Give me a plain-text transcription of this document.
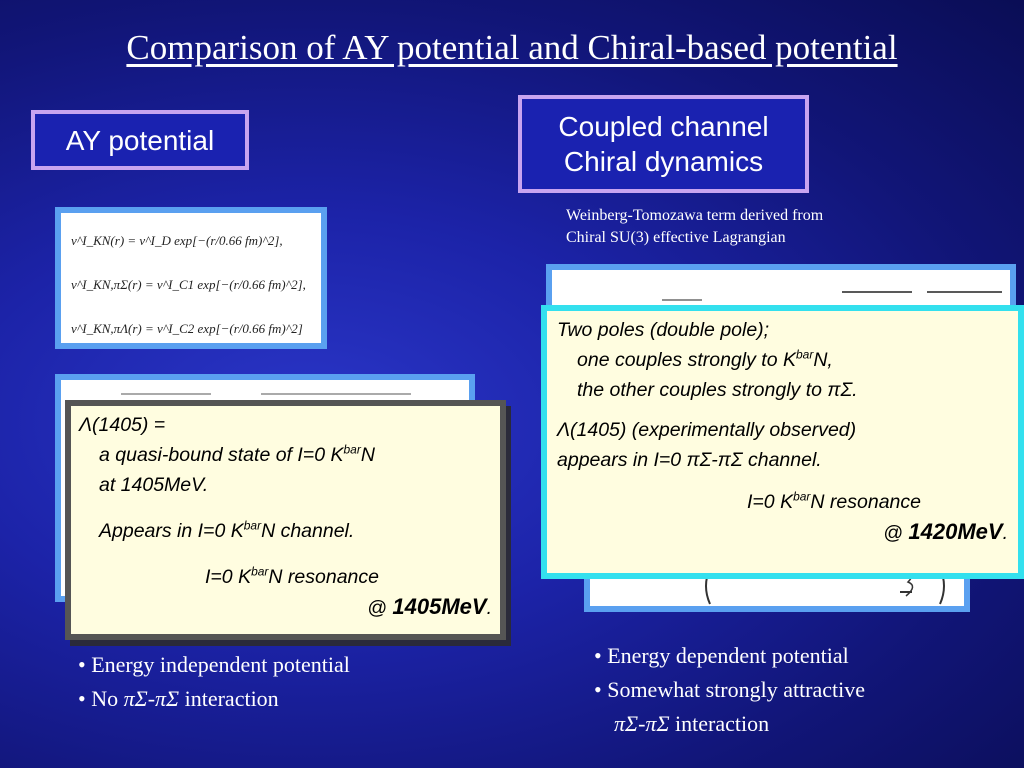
Comparison of AY potential and Chiral-based potential
AY potential	Coupled channel
Chiral dynamics
Weinberg-Tomozawa term derived from
Chiral SU(3) effective Lagrangian
v^I_KN(r) = v^I_D exp[−(r/0.66 fm)^2],
v^I_KN,πΣ(r) = v^I_C1 exp[−(r/0.66 fm)^2],
v^I_KN,πΛ(r) = v^I_C2 exp[−(r/0.66 fm)^2]

Λ(1405) =

a quasi-bound state of I=0 $K^{bar}N$

at 1405MeV.

Appears in I=0 $K^{bar}N$ channel.

I=0 $K^{bar}N$ resonance

@ 1405MeV.

Two poles (double pole);

one couples strongly to $K^{bar}N$,

the other couples strongly to πΣ.

Λ(1405) (experimentally observed)

appears in I=0 πΣ-πΣ channel.

I=0 $K^{bar}N$ resonance

@ 1420MeV.

• Energy independent potential
• No πΣ-πΣ interaction
• Energy dependent potential
• Somewhat strongly attractive
πΣ-πΣ interaction
